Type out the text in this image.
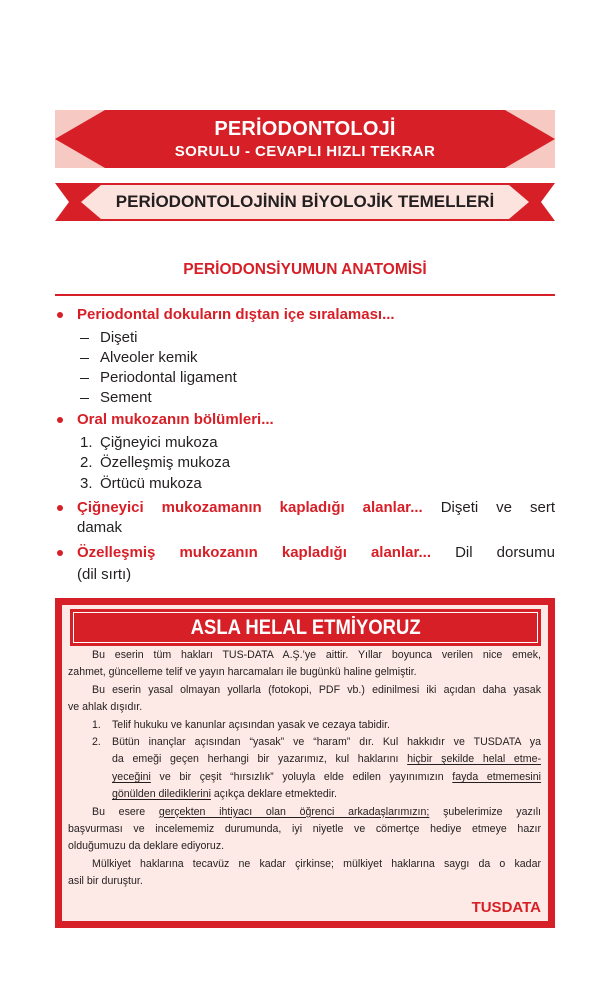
PERİODONTOLOJİ
SORULU - CEVAPLI HIZLI TEKRAR
PERİODONTOLOJİNİN BİYOLOJİK TEMELLERİ
PERİODONSİYUMUN ANATOMİSİ
Periodontal dokuların dıştan içe sıralaması...
Dişeti
Alveoler kemik
Periodontal ligament
Sement
Oral mukozanın bölümleri...
1. Çiğneyici mukoza
2. Özelleşmiş mukoza
3. Örtücü mukoza
Çiğneyici mukozamanın kapladığı alanlar... Dişeti ve sert
damak
Özelleşmiş mukozanın kapladığı alanlar... Dil dorsumu
(dil sırtı)
ASLA HELAL ETMİYORUZ
Bu eserin tüm hakları TUS-DATA A.Ş.’ye aittir. Yıllar boyunca verilen nice emek,
zahmet, güncelleme telif ve yayın harcamaları ile bugünkü haline gelmiştir.
Bu eserin yasal olmayan yollarla (fotokopi, PDF vb.) edinilmesi iki açıdan daha yasak
ve ahlak dışıdır.
1. Telif hukuku ve kanunlar açısından yasak ve cezaya tabidir.
2. Bütün inançlar açısından “yasak” ve “haram” dır. Kul hakkıdır ve TUSDATA ya
da emeği geçen herhangi bir yazarımız, kul haklarını hiçbir şekilde helal etme-
yeceğini ve bir çeşit “hırsızlık” yoluyla elde edilen yayınımızın fayda etmemesini
gönülden dilediklerini açıkça deklare etmektedir.
Bu esere gerçekten ihtiyacı olan öğrenci arkadaşlarımızın; şubelerimize yazılı
başvurması ve incelememiz durumunda, iyi niyetle ve cömertçe hediye etmeye hazır
olduğumuzu da deklare ediyoruz.
Mülkiyet haklarına tecavüz ne kadar çirkinse; mülkiyet haklarına saygı da o kadar
asil bir duruştur.
TUSDATA
